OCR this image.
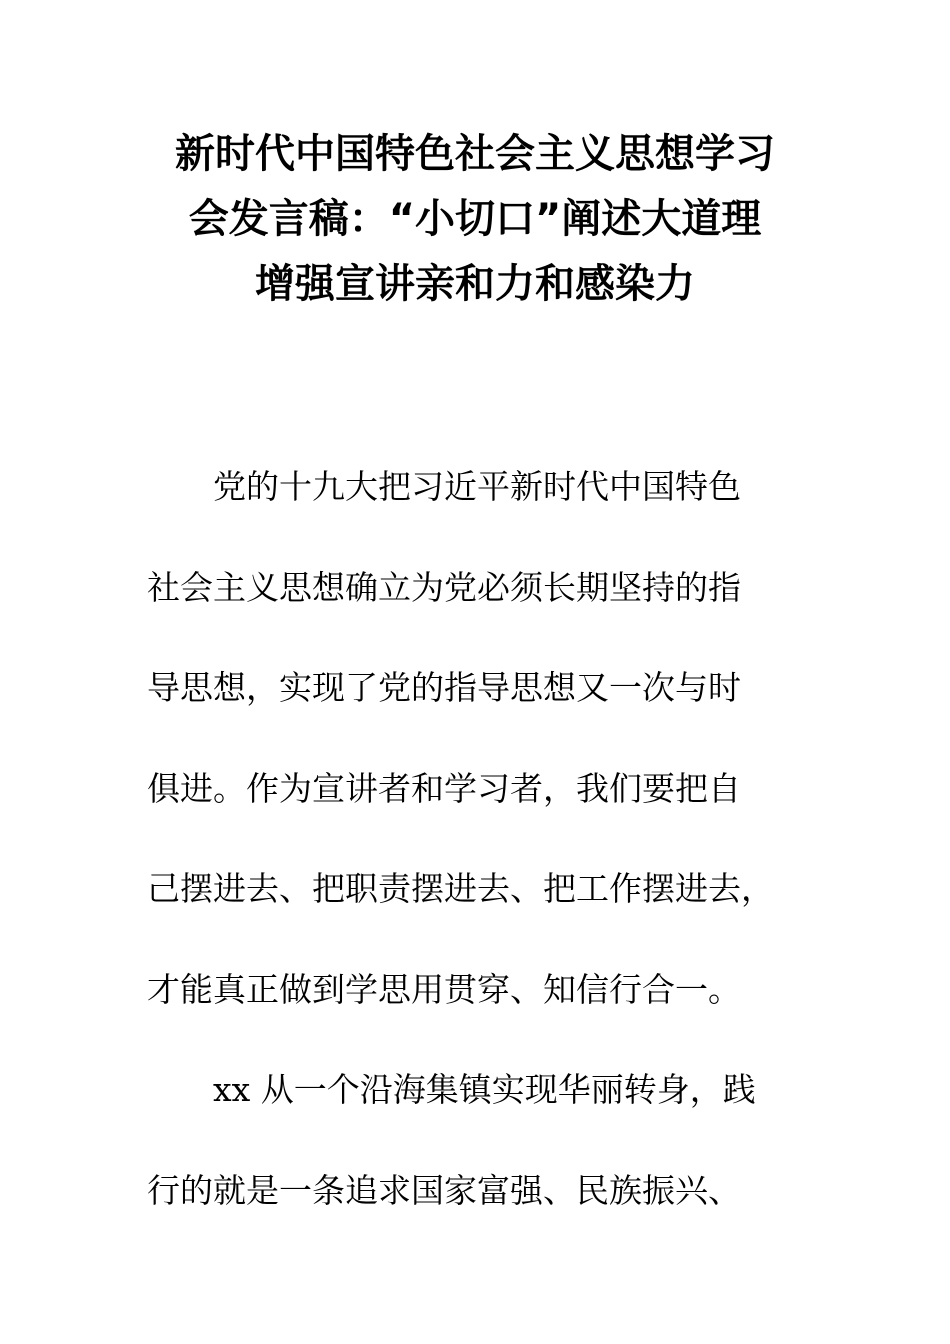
新时代中国特色社会主义思想学习
会发言稿：“小切口”阐述大道理
增强宣讲亲和力和感染力
党的十九大把习近平新时代中国特色
社会主义思想确立为党必须长期坚持的指
导思想，实现了党的指导思想又一次与时
俱进。作为宣讲者和学习者，我们要把自
己摆进去、把职责摆进去、把工作摆进去，
才能真正做到学思用贯穿、知信行合一。
xx 从一个沿海集镇实现华丽转身，践
行的就是一条追求国家富强、民族振兴、
